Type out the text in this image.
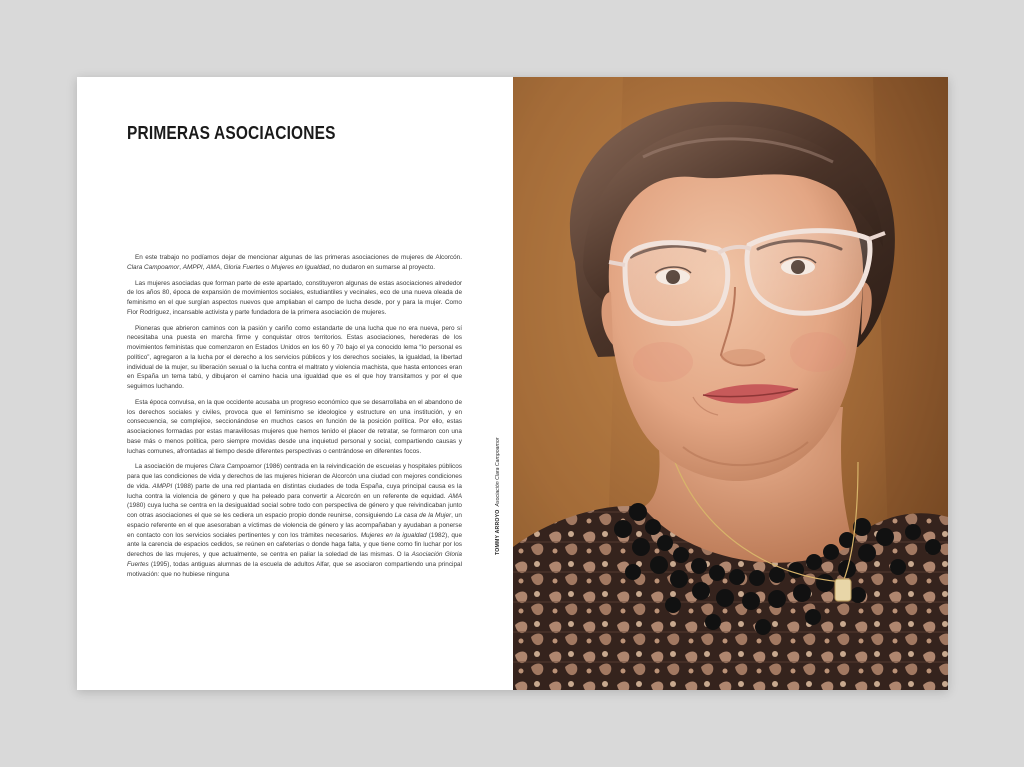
PRIMERAS ASOCIACIONES

En este trabajo no podíamos dejar de mencionar algunas de las primeras asociaciones de mujeres de Alcorcón. Clara Campoamor, AMPPI, AMA, Gloria Fuertes o Mujeres en Igualdad, no dudaron en sumarse al proyecto.

Las mujeres asociadas que forman parte de este apartado, constituyeron algunas de estas asociaciones alrededor de los años 80, época de expansión de movimientos sociales, estudiantiles y vecinales, eco de una nueva oleada de feminismo en el que surgían aspectos nuevos que ampliaban el campo de lucha desde, por y para la mujer. Como Flor Rodríguez, incansable activista y parte fundadora de la primera asociación de mujeres.

Pioneras que abrieron caminos con la pasión y cariño como estandarte de una lucha que no era nueva, pero sí necesitaba una puesta en marcha firme y conquistar otros territorios. Estas asociaciones, herederas de los movimientos feministas que comenzaron en Estados Unidos en los 60 y 70 bajo el ya conocido lema “lo personal es político”, agregaron a la lucha por el derecho a los servicios públicos y los derechos sociales, la igualdad, la libertad individual de la mujer, su liberación sexual o la lucha contra el maltrato y violencia machista, que hasta entonces eran en España un tema tabú, y dibujaron el camino hacia una igualdad que es el que hoy transitamos y por el que seguimos luchando.

Esta época convulsa, en la que occidente acusaba un progreso económico que se desarrollaba en el abandono de los derechos sociales y civiles, provoca que el feminismo se ideologice y estructure en una institución, y en consecuencia, se complejice, seccionándose en muchos casos en función de la posición política. Por ello, estas asociaciones formadas por estas maravillosas mujeres que hemos tenido el placer de retratar, se formaron con una base más o menos política, pero siempre movidas desde una inquietud personal y social, compartiendo causas y luchas comunes, afrontadas al tiempo desde diferentes perspectivas o centrándose en diferentes focos.

La asociación de mujeres Clara Campoamor (1986) centrada en la reivindicación de escuelas y hospitales públicos para que las condiciones de vida y derechos de las mujeres hicieran de Alcorcón una ciudad con mejores condiciones de vida. AMPPI (1988) parte de una red plantada en distintas ciudades de toda España, cuya principal causa es la lucha contra la violencia de género y que ha peleado para convertir a Alcorcón en un referente de equidad. AMA (1980) cuya lucha se centra en la desigualdad social sobre todo con perspectiva de género y que reivindicaban junto con otras asociaciones el que se les cediera un espacio propio donde reunirse, consiguiendo La casa de la Mujer, un espacio referente en el que asesoraban a víctimas de violencia de género y las acompañaban y ayudaban a ponerse en contacto con los servicios sociales pertinentes y con los trámites necesarios. Mujeres en la igualdad (1982), que ante la carencia de espacios cedidos, se reúnen en cafeterías o donde haga falta, y que tiene como fin luchar por los derechos de las mujeres, y que actualmente, se centra en paliar la soledad de las mismas. O la Asociación Gloria Fuertes (1995), todas antiguas alumnas de la escuela de adultos Alfar, que se asociaron compartiendo una principal motivación: que no hubiese ninguna

TOMMY ARROYOAsociación Clara Campoamor
